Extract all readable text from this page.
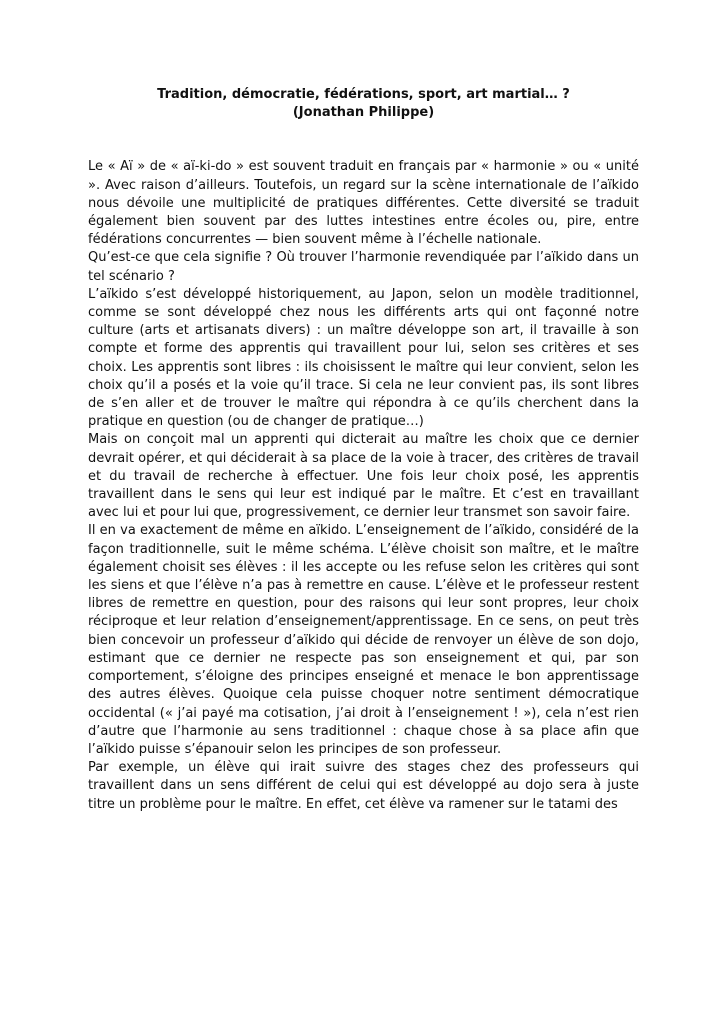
Tradition, démocratie, fédérations, sport, art martial… ?

(Jonathan Philippe)

Le « Aï » de « aï-ki-do » est souvent traduit en français par « harmonie » ou « unité ». Avec raison d’ailleurs. Toutefois, un regard sur la scène internationale de l’aïkido nous dévoile une multiplicité de pratiques différentes. Cette diversité se traduit également bien souvent par des luttes intestines entre écoles ou, pire, entre fédérations concurrentes — bien souvent même à l’échelle nationale.

Qu’est-ce que cela signifie ? Où trouver l’harmonie revendiquée par l’aïkido dans un tel scénario ?

L’aïkido s’est développé historiquement, au Japon, selon un modèle traditionnel, comme se sont développé chez nous les différents arts qui ont façonné notre culture (arts et artisanats divers) : un maître développe son art, il travaille à son compte et forme des apprentis qui travaillent pour lui, selon ses critères et ses choix. Les apprentis sont libres : ils choisissent le maître qui leur convient, selon les choix qu’il a posés et la voie qu’il trace. Si cela ne leur convient pas, ils sont libres de s’en aller et de trouver le maître qui répondra à ce qu’ils cherchent dans la pratique en question (ou de changer de pratique…)

Mais on conçoit mal un apprenti qui dicterait au maître les choix que ce dernier devrait opérer, et qui déciderait à sa place de la voie à tracer, des critères de travail et du travail de recherche à effectuer. Une fois leur choix posé, les apprentis travaillent dans le sens qui leur est indiqué par le maître. Et c’est en travaillant avec lui et pour lui que, progressivement, ce dernier leur transmet son savoir faire.

Il en va exactement de même en aïkido. L’enseignement de l’aïkido, considéré de la façon traditionnelle, suit le même schéma. L’élève choisit son maître, et le maître également choisit ses élèves : il les accepte ou les refuse selon les critères qui sont les siens et que l’élève n’a pas à remettre en cause. L’élève et le professeur restent libres de remettre en question, pour des raisons qui leur sont propres, leur choix réciproque et leur relation d’enseignement/apprentissage. En ce sens, on peut très bien concevoir un professeur d’aïkido qui décide de renvoyer un élève de son dojo, estimant que ce dernier ne respecte pas son enseignement et qui, par son comportement, s’éloigne des principes enseigné et menace le bon apprentissage des autres élèves. Quoique cela puisse choquer notre sentiment démocratique occidental (« j’ai payé ma cotisation, j’ai droit à l’enseignement ! »), cela n’est rien d’autre que l’harmonie au sens traditionnel : chaque chose à sa place afin que l’aïkido puisse s’épanouir selon les principes de son professeur.

Par exemple, un élève qui irait suivre des stages chez des professeurs qui travaillent dans un sens différent de celui qui est développé au dojo sera à juste titre un problème pour le maître. En effet, cet élève va ramener sur le tatami des
